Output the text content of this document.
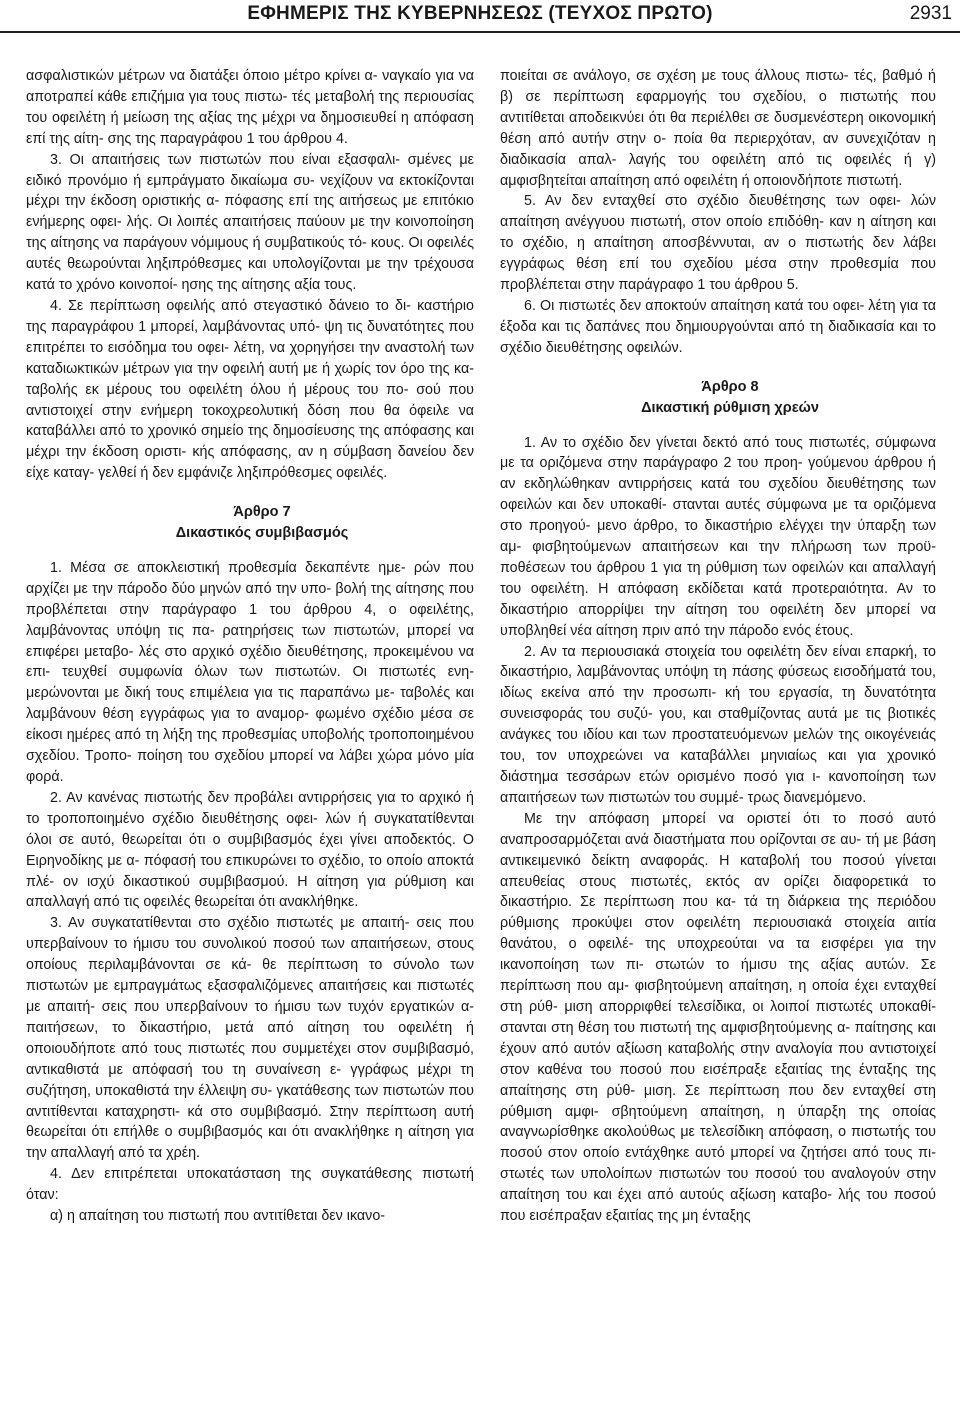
ΕΦΗΜΕΡΙΣ ΤΗΣ ΚΥΒΕΡΝΗΣΕΩΣ (ΤΕΥΧΟΣ ΠΡΩΤΟ)	2931

ασφαλιστικών μέτρων να διατάξει όποιο μέτρο κρίνει α- ναγκαίο για να αποτραπεί κάθε επιζήμια για τους πιστω- τές μεταβολή της περιουσίας του οφειλέτη ή μείωση της αξίας της μέχρι να δημοσιευθεί η απόφαση επί της αίτη- σης της παραγράφου 1 του άρθρου 4.

3. Οι απαιτήσεις των πιστωτών που είναι εξασφαλι- σμένες με ειδικό προνόμιο ή εμπράγματο δικαίωμα συ- νεχίζουν να εκτοκίζονται μέχρι την έκδοση οριστικής α- πόφασης επί της αιτήσεως με επιτόκιο ενήμερης οφει- λής. Οι λοιπές απαιτήσεις παύουν με την κοινοποίηση της αίτησης να παράγουν νόμιμους ή συμβατικούς τό- κους. Οι οφειλές αυτές θεωρούνται ληξιπρόθεσμες και υπολογίζονται με την τρέχουσα κατά το χρόνο κοινοποί- ησης της αίτησης αξία τους.

4. Σε περίπτωση οφειλής από στεγαστικό δάνειο το δι- καστήριο της παραγράφου 1 μπορεί, λαμβάνοντας υπό- ψη τις δυνατότητες που επιτρέπει το εισόδημα του οφει- λέτη, να χορηγήσει την αναστολή των καταδιωκτικών μέτρων για την οφειλή αυτή με ή χωρίς τον όρο της κα- ταβολής εκ μέρους του οφειλέτη όλου ή μέρους του πο- σού που αντιστοιχεί στην ενήμερη τοκοχρεολυτική δόση που θα όφειλε να καταβάλλει από το χρονικό σημείο της δημοσίευσης της απόφασης και μέχρι την έκδοση οριστι- κής απόφασης, αν η σύμβαση δανείου δεν είχε καταγ- γελθεί ή δεν εμφάνιζε ληξιπρόθεσμες οφειλές.

Άρθρο 7

Δικαστικός συμβιβασμός

1. Μέσα σε αποκλειστική προθεσμία δεκαπέντε ημε- ρών που αρχίζει με την πάροδο δύο μηνών από την υπο- βολή της αίτησης που προβλέπεται στην παράγραφο 1 του άρθρου 4, ο οφειλέτης, λαμβάνοντας υπόψη τις πα- ρατηρήσεις των πιστωτών, μπορεί να επιφέρει μεταβο- λές στο αρχικό σχέδιο διευθέτησης, προκειμένου να επι- τευχθεί συμφωνία όλων των πιστωτών. Οι πιστωτές ενη- μερώνονται με δική τους επιμέλεια για τις παραπάνω με- ταβολές και λαμβάνουν θέση εγγράφως για το αναμορ- φωμένο σχέδιο μέσα σε είκοσι ημέρες από τη λήξη της προθεσμίας υποβολής τροποποιημένου σχεδίου. Τροπο- ποίηση του σχεδίου μπορεί να λάβει χώρα μόνο μία φορά.

2. Αν κανένας πιστωτής δεν προβάλει αντιρρήσεις για το αρχικό ή το τροποποιημένο σχέδιο διευθέτησης οφει- λών ή συγκατατίθενται όλοι σε αυτό, θεωρείται ότι ο συμβιβασμός έχει γίνει αποδεκτός. Ο Ειρηνοδίκης με α- πόφασή του επικυρώνει το σχέδιο, το οποίο αποκτά πλέ- ον ισχύ δικαστικού συμβιβασμού. Η αίτηση για ρύθμιση και απαλλαγή από τις οφειλές θεωρείται ότι ανακλήθηκε.

3. Αν συγκατατίθενται στο σχέδιο πιστωτές με απαιτή- σεις που υπερβαίνουν το ήμισυ του συνολικού ποσού των απαιτήσεων, στους οποίους περιλαμβάνονται σε κά- θε περίπτωση το σύνολο των πιστωτών με εμπραγμάτως εξασφαλιζόμενες απαιτήσεις και πιστωτές με απαιτή- σεις που υπερβαίνουν το ήμισυ των τυχόν εργατικών α- παιτήσεων, το δικαστήριο, μετά από αίτηση του οφειλέτη ή οποιουδήποτε από τους πιστωτές που συμμετέχει στον συμβιβασμό, αντικαθιστά με απόφασή του τη συναίνεση ε- γγράφως μέχρι τη συζήτηση, υποκαθιστά την έλλειψη συ- γκατάθεσης των πιστωτών που αντιτίθενται καταχρηστι- κά στο συμβιβασμό. Στην περίπτωση αυτή θεωρείται ότι επήλθε ο συμβιβασμός και ότι ανακλήθηκε η αίτηση για την απαλλαγή από τα χρέη.

4. Δεν επιτρέπεται υποκατάσταση της συγκατάθεσης πιστωτή όταν:

α) η απαίτηση του πιστωτή που αντιτίθεται δεν ικανο-

ποιείται σε ανάλογο, σε σχέση με τους άλλους πιστω- τές, βαθμό ή β) σε περίπτωση εφαρμογής του σχεδίου, ο πιστωτής που αντιτίθεται αποδεικνύει ότι θα περιέλθει σε δυσμενέστερη οικονομική θέση από αυτήν στην ο- ποία θα περιερχόταν, αν συνεχιζόταν η διαδικασία απαλ- λαγής του οφειλέτη από τις οφειλές ή γ) αμφισβητείται απαίτηση από οφειλέτη ή οποιονδήποτε πιστωτή.

5. Αν δεν ενταχθεί στο σχέδιο διευθέτησης των οφει- λών απαίτηση ανέγγυου πιστωτή, στον οποίο επιδόθη- καν η αίτηση και το σχέδιο, η απαίτηση αποσβέννυται, αν ο πιστωτής δεν λάβει εγγράφως θέση επί του σχεδίου μέσα στην προθεσμία που προβλέπεται στην παράγραφο 1 του άρθρου 5.

6. Οι πιστωτές δεν αποκτούν απαίτηση κατά του οφει- λέτη για τα έξοδα και τις δαπάνες που δημιουργούνται από τη διαδικασία και το σχέδιο διευθέτησης οφειλών.

Άρθρο 8

Δικαστική ρύθμιση χρεών

1. Αν το σχέδιο δεν γίνεται δεκτό από τους πιστωτές, σύμφωνα με τα οριζόμενα στην παράγραφο 2 του προη- γούμενου άρθρου ή αν εκδηλώθηκαν αντιρρήσεις κατά του σχεδίου διευθέτησης των οφειλών και δεν υποκαθί- στανται αυτές σύμφωνα με τα οριζόμενα στο προηγού- μενο άρθρο, το δικαστήριο ελέγχει την ύπαρξη των αμ- φισβητούμενων απαιτήσεων και την πλήρωση των προϋ- ποθέσεων του άρθρου 1 για τη ρύθμιση των οφειλών και απαλλαγή του οφειλέτη. Η απόφαση εκδίδεται κατά προτεραιότητα. Αν το δικαστήριο απορρίψει την αίτηση του οφειλέτη δεν μπορεί να υποβληθεί νέα αίτηση πριν από την πάροδο ενός έτους.

2. Αν τα περιουσιακά στοιχεία του οφειλέτη δεν είναι επαρκή, το δικαστήριο, λαμβάνοντας υπόψη τη πάσης φύσεως εισοδήματά του, ιδίως εκείνα από την προσωπι- κή του εργασία, τη δυνατότητα συνεισφοράς του συζύ- γου, και σταθμίζοντας αυτά με τις βιοτικές ανάγκες του ιδίου και των προστατευόμενων μελών της οικογένειάς του, τον υποχρεώνει να καταβάλλει μηνιαίως και για χρονικό διάστημα τεσσάρων ετών ορισμένο ποσό για ι- κανοποίηση των απαιτήσεων των πιστωτών του συμμέ- τρως διανεμόμενο.

Με την απόφαση μπορεί να οριστεί ότι το ποσό αυτό αναπροσαρμόζεται ανά διαστήματα που ορίζονται σε αυ- τή με βάση αντικειμενικό δείκτη αναφοράς. Η καταβολή του ποσού γίνεται απευθείας στους πιστωτές, εκτός αν ορίζει διαφορετικά το δικαστήριο. Σε περίπτωση που κα- τά τη διάρκεια της περιόδου ρύθμισης προκύψει στον οφειλέτη περιουσιακά στοιχεία αιτία θανάτου, ο οφειλέ- της υποχρεούται να τα εισφέρει για την ικανοποίηση των πι- στωτών το ήμισυ της αξίας αυτών. Σε περίπτωση που αμ- φισβητούμενη απαίτηση, η οποία έχει ενταχθεί στη ρύθ- μιση απορριφθεί τελεσίδικα, οι λοιποί πιστωτές υποκαθί- στανται στη θέση του πιστωτή της αμφισβητούμενης α- παίτησης και έχουν από αυτόν αξίωση καταβολής στην αναλογία που αντιστοιχεί στον καθένα του ποσού που εισέπραξε εξαιτίας της ένταξης της απαίτησης στη ρύθ- μιση. Σε περίπτωση που δεν ενταχθεί στη ρύθμιση αμφι- σβητούμενη απαίτηση, η ύπαρξη της οποίας αναγνωρίσθηκε ακολούθως με τελεσίδικη απόφαση, ο πιστωτής του ποσού στον οποίο εντάχθηκε αυτό μπορεί να ζητήσει από τους πι- στωτές των υπολοίπων πιστωτών του ποσού του αναλογούν στην απαίτηση του και έχει από αυτούς αξίωση καταβο- λής του ποσού που εισέπραξαν εξαιτίας της μη ένταξης
